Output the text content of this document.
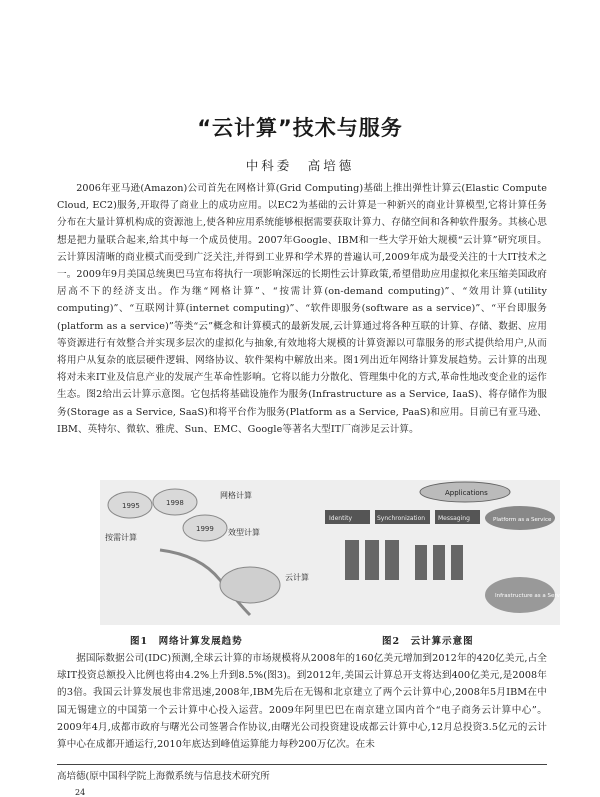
“云计算”技术与服务
中科委　高培德

2006年亚马逊(Amazon)公司首先在网格计算(Grid Computing)基础上推出弹性计算云(Elastic Compute Cloud, EC2)服务,开取得了商业上的成功应用。以EC2为基础的云计算是一种新兴的商业计算模型,它将计算任务分布在大量计算机构成的资源池上,使各种应用系统能够根据需要获取计算力、存储空间和各种软件服务。其核心思想是把力量联合起来,给其中每一个成员使用。2007年Google、IBM和一些大学开始大规模“云计算”研究项目。云计算因清晰的商业模式而受到广泛关注,并得到工业界和学术界的普遍认可,2009年成为最受关注的十大IT技术之一。2009年9月美国总统奥巴马宣布将执行一项影响深远的长期性云计算政策,希望借助应用虚拟化来压缩美国政府居高不下的经济支出。作为继“网格计算”、“按需计算(on-demand computing)”、“效用计算(utility computing)”、“互联网计算(internet computing)”、“软件即服务(software as a service)”、“平台即服务(platform as a service)”等类“云”概念和计算模式的最新发展,云计算通过将各种互联的计算、存储、数据、应用等资源进行有效整合并实现多层次的虚拟化与抽象,有效地将大规模的计算资源以可靠服务的形式提供给用户,从而将用户从复杂的底层硬件逻辑、网络协议、软件架构中解放出来。图1列出近年网络计算发展趋势。云计算的出现将对未来IT业及信息产业的发展产生革命性影响。它将以能力分散化、管理集中化的方式,革命性地改变企业的运作生态。图2给出云计算示意图。它包括将基础设施作为服务(Infrastructure as a Service, IaaS)、将存储作为服务(Storage as a Service, SaaS)和将平台作为服务(Platform as a Service, PaaS)和应用。目前已有亚马逊、IBM、英特尔、微软、雅虎、Sun、EMC、Google等著名大型IT厂商涉足云计算。

1995	1998
1999
网格计算
按需计算
效型计算
云计算
图1　网络计算发展趋势
Applications
Identity	Synchronization Messaging	Platform as a Service
Infrastructure as a Service
图2　云计算示意图

据国际数据公司(IDC)预测,全球云计算的市场规模将从2008年的160亿美元增加到2012年的420亿美元,占全球IT投资总额投入比例也将由4.2%上升到8.5%(图3)。到2012年,美国云计算总开支将达到400亿美元,是2008年的3倍。我国云计算发展也非常迅速,2008年,IBM先后在无锡和北京建立了两个云计算中心,2008年5月IBM在中国无锡建立的中国第一个云计算中心投入运营。2009年阿里巴巴在南京建立国内首个“电子商务云计算中心”。2009年4月,成都市政府与曙光公司签署合作协议,由曙光公司投资建设成都云计算中心,12月总投资3.5亿元的云计算中心在成都开通运行,2010年底达到峰值运算能力每秒200万亿次。在未

高培德(原中国科学院上海微系统与信息技术研究所
24
